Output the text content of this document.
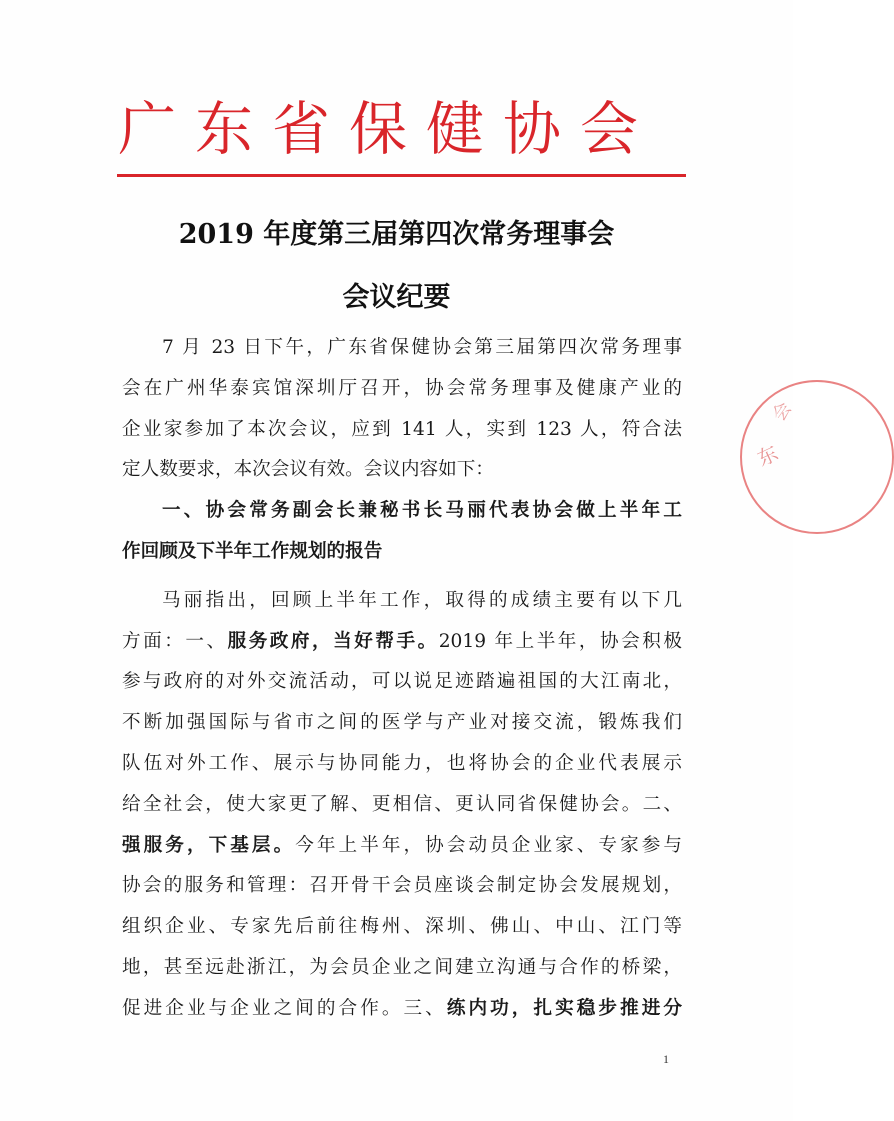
广东省保健协会
2019 年度第三届第四次常务理事会
会议纪要
7 月 23 日下午，广东省保健协会第三届第四次常务理事
会在广州华泰宾馆深圳厅召开，协会常务理事及健康产业的
企业家参加了本次会议，应到 141 人，实到 123 人，符合法
定人数要求，本次会议有效。会议内容如下：
一、协会常务副会长兼秘书长马丽代表协会做上半年工
作回顾及下半年工作规划的报告
马丽指出，回顾上半年工作，取得的成绩主要有以下几
方面：一、服务政府，当好帮手。2019 年上半年，协会积极
参与政府的对外交流活动，可以说足迹踏遍祖国的大江南北，
不断加强国际与省市之间的医学与产业对接交流，锻炼我们
队伍对外工作、展示与协同能力，也将协会的企业代表展示
给全社会，使大家更了解、更相信、更认同省保健协会。二、
强服务，下基层。今年上半年，协会动员企业家、专家参与
协会的服务和管理：召开骨干会员座谈会制定协会发展规划，
组织企业、专家先后前往梅州、深圳、佛山、中山、江门等
地，甚至远赴浙江，为会员企业之间建立沟通与合作的桥梁，
促进企业与企业之间的合作。三、练内功，扎实稳步推进分
东
会
1
